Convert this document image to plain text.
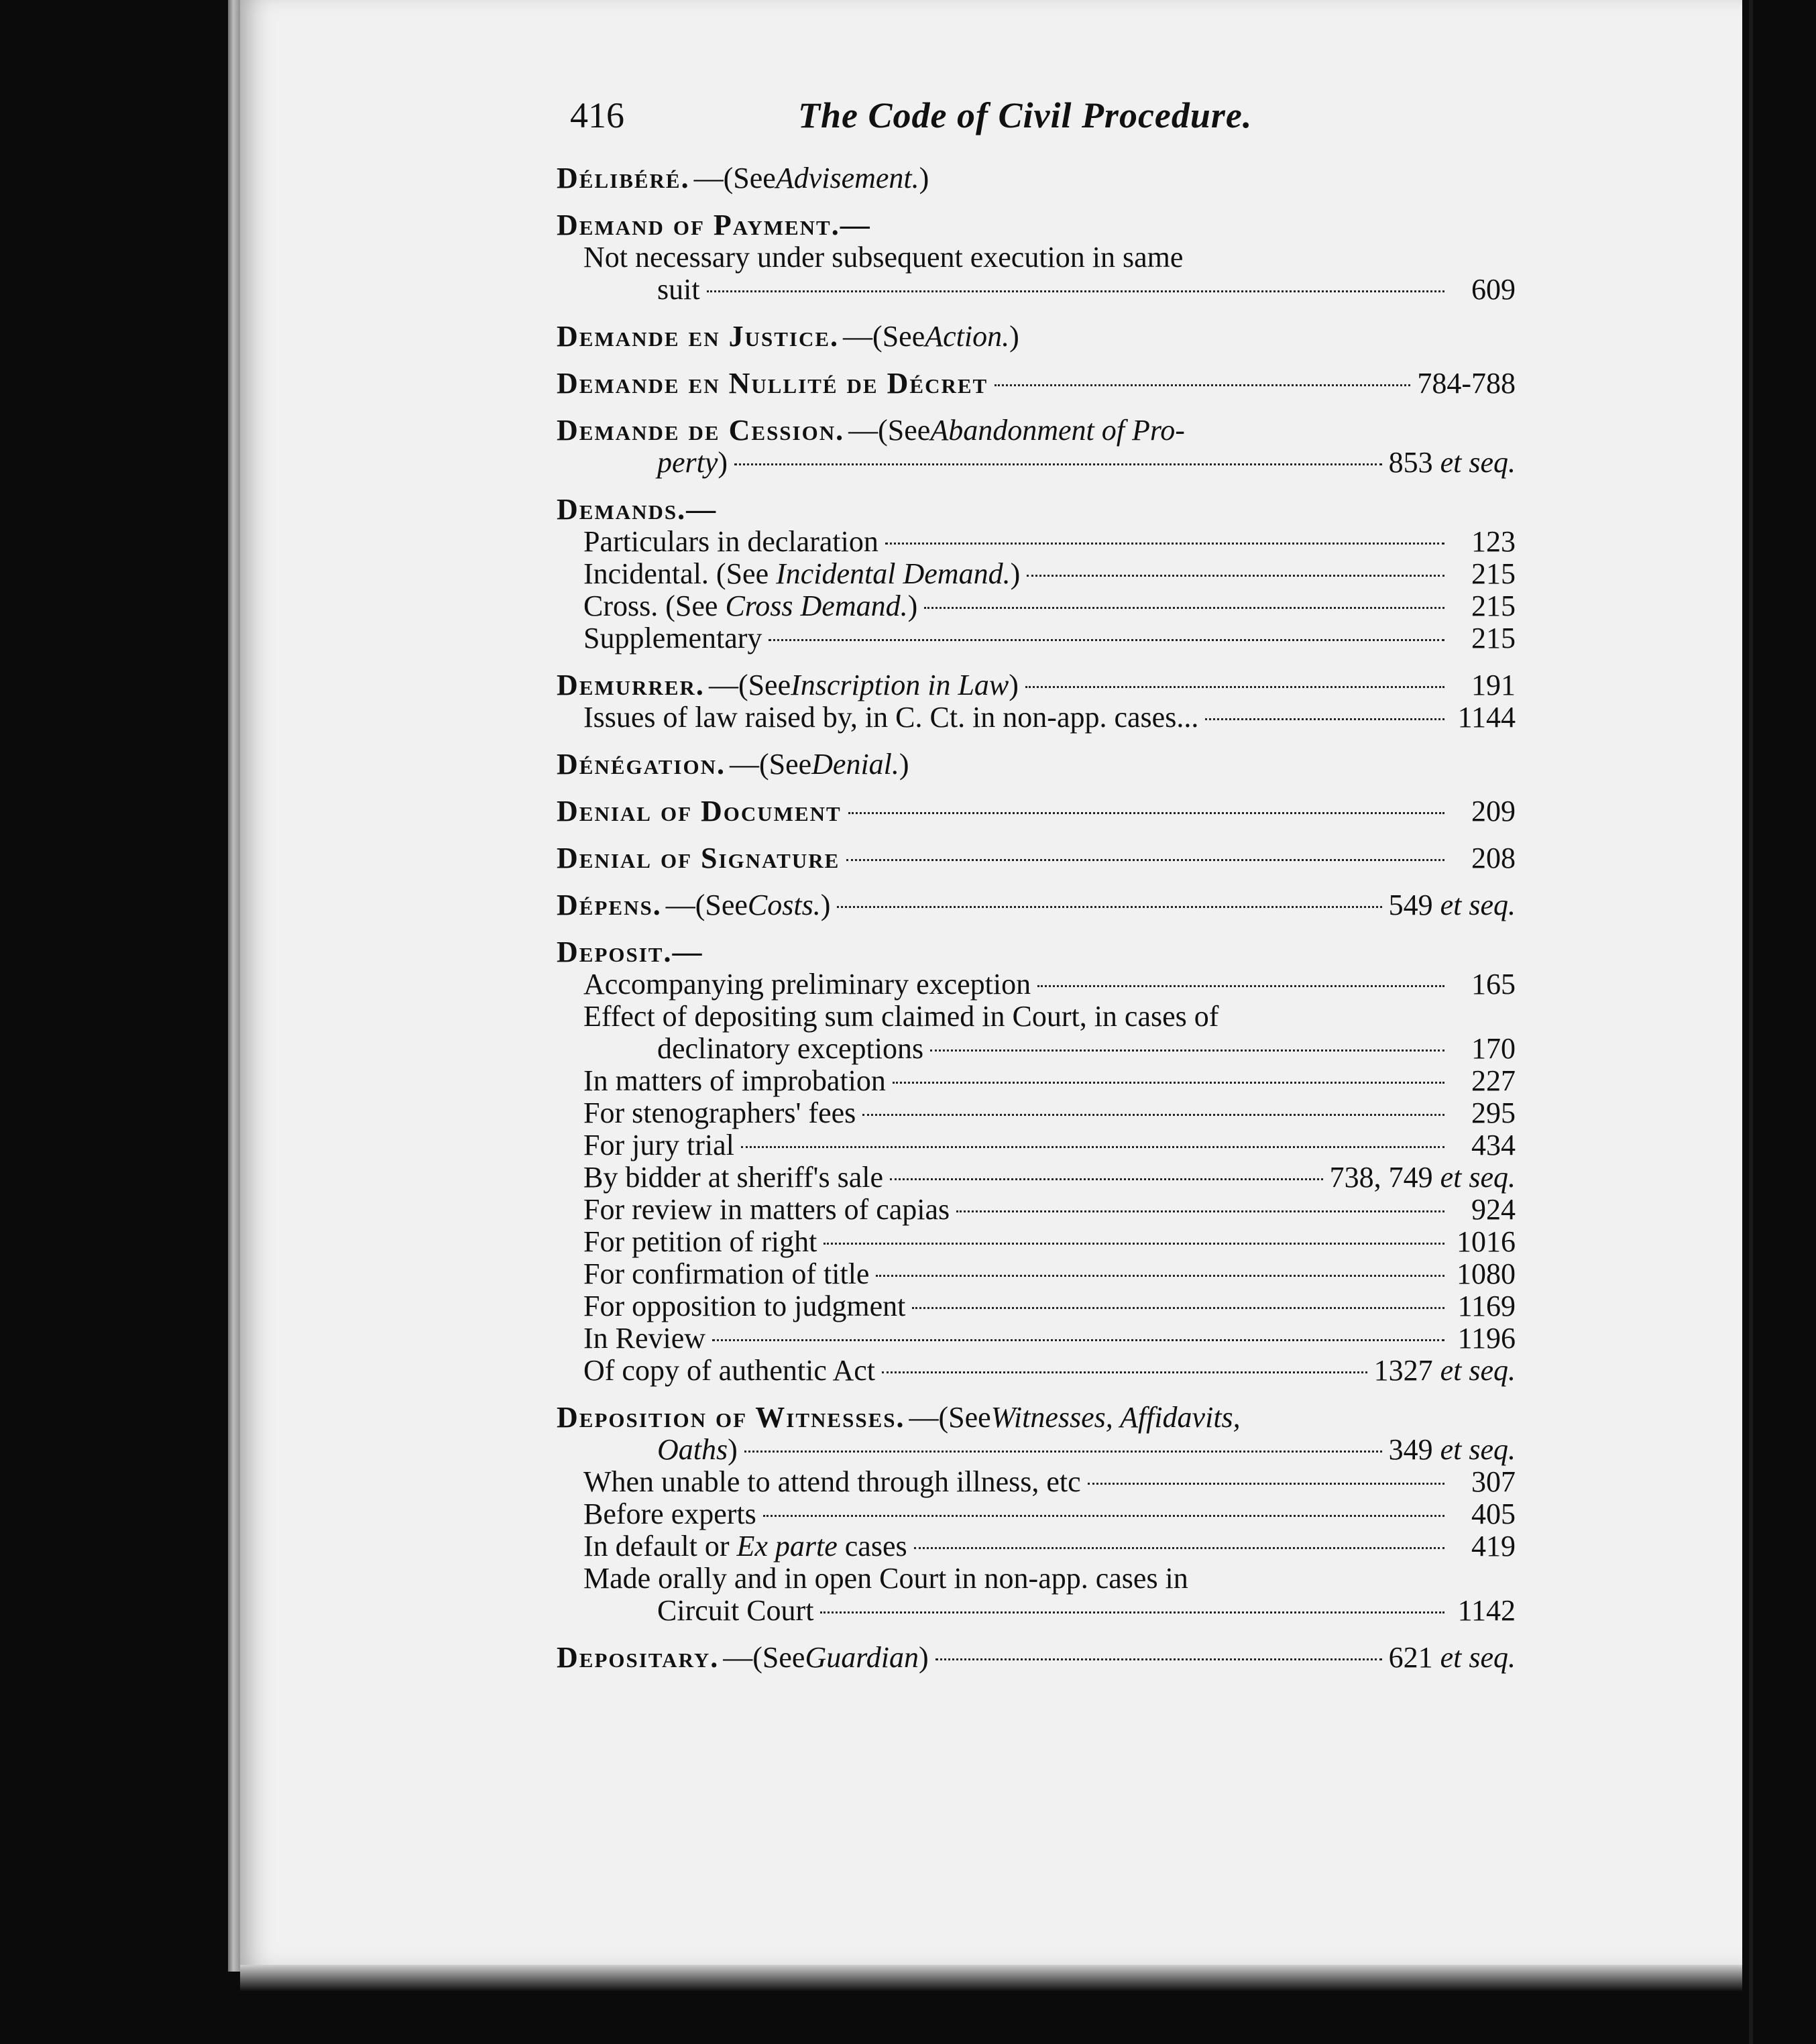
416	The Code of Civil Procedure.
Délibéré. —(See Advisement. )
Demand of Payment.—
Not necessary under subsequent execution in same
suit	609
Demande en Justice. —(See Action. )
Demande en Nullité de Décret	784-788
Demande de Cession. —(See Abandonment of Pro-
perty )	853 et seq.
Demands.—
Particulars in declaration	123
Incidental. (See Incidental Demand.)	215
Cross. (See Cross Demand.)	215
Supplementary	215
Demurrer. —(See Inscription in Law )	191
Issues of law raised by, in C. Ct. in non-app. cases...	1144
Dénégation. —(See Denial. )
Denial of Document	209
Denial of Signature	208
Dépens. —(See Costs. )	549 et seq.
Deposit.—
Accompanying preliminary exception	165
Effect of depositing sum claimed in Court, in cases of
declinatory exceptions	170
In matters of improbation	227
For stenographers' fees	295
For jury trial	434
By bidder at sheriff's sale	738, 749 et seq.
For review in matters of capias	924
For petition of right	1016
For confirmation of title	1080
For opposition to judgment	1169
In Review	1196
Of copy of authentic Act	1327 et seq.
Deposition of Witnesses. —(See Witnesses, Affidavits,
Oaths )	349 et seq.
When unable to attend through illness, etc	307
Before experts	405
In default or Ex parte cases	419
Made orally and in open Court in non-app. cases in
Circuit Court	1142
Depositary. —(See Guardian )	621 et seq.
